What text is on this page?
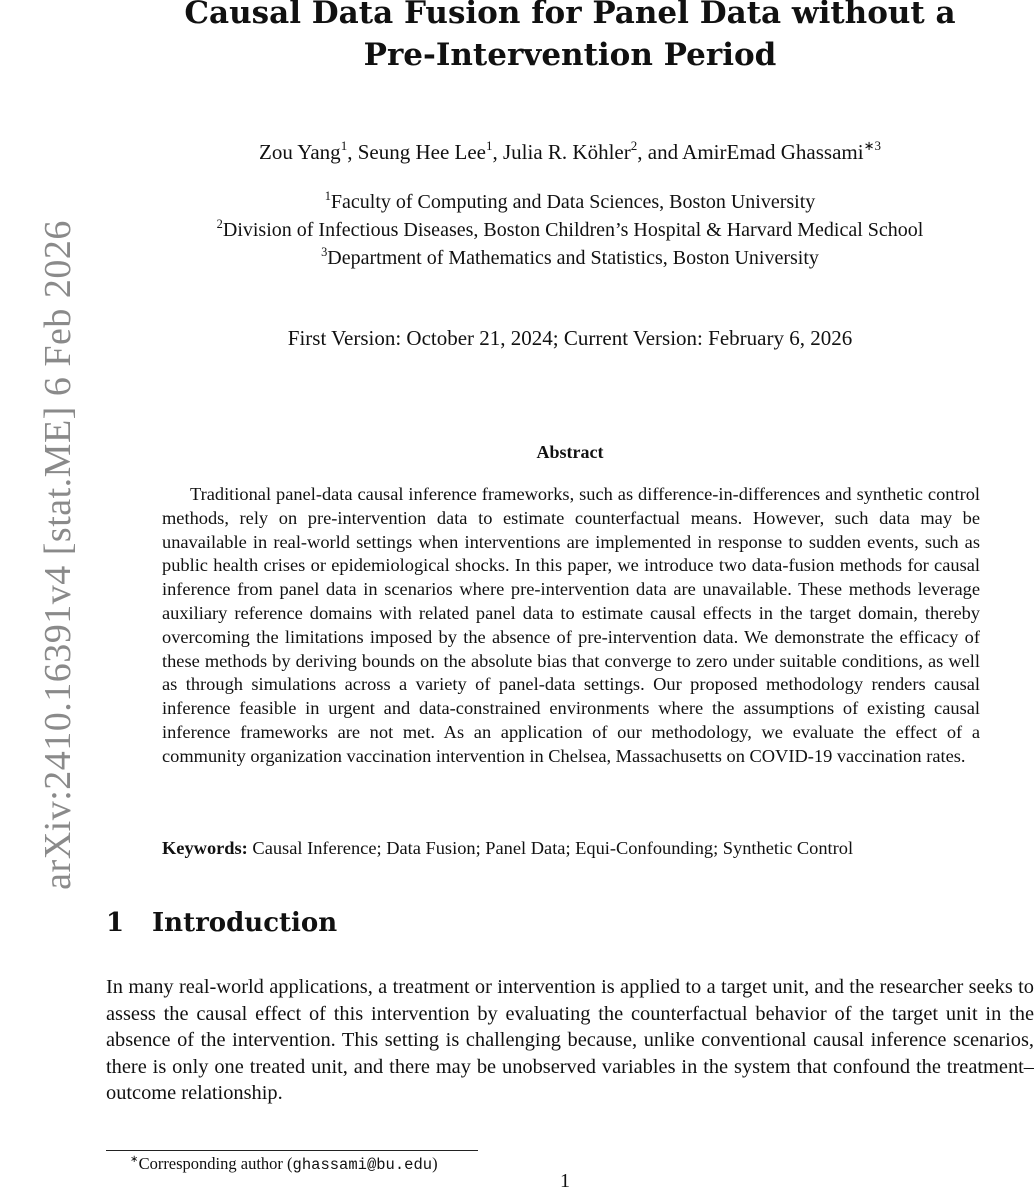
arXiv:2410.16391v4 [stat.ME] 6 Feb 2026
Causal Data Fusion for Panel Data without a Pre-Intervention Period
Zou Yang$^1$, Seung Hee Lee$^1$, Julia R. Köhler$^2$, and AmirEmad Ghassami$^{∗3}$
$^1$Faculty of Computing and Data Sciences, Boston University
$^2$Division of Infectious Diseases, Boston Children’s Hospital & Harvard Medical School
$^3$Department of Mathematics and Statistics, Boston University
First Version: October 21, 2024; Current Version: February 6, 2026
Abstract

Traditional panel-data causal inference frameworks, such as difference-in-differences and synthetic control methods, rely on pre-intervention data to estimate counterfactual means. However, such data may be unavailable in real-world settings when interventions are implemented in response to sudden events, such as public health crises or epidemiological shocks. In this paper, we introduce two data-fusion methods for causal inference from panel data in scenarios where pre-intervention data are unavailable. These methods leverage auxiliary reference domains with related panel data to estimate causal effects in the target domain, thereby overcoming the limitations imposed by the absence of pre-intervention data. We demonstrate the efficacy of these methods by deriving bounds on the absolute bias that converge to zero under suitable conditions, as well as through simulations across a variety of panel-data settings. Our proposed methodology renders causal inference feasible in urgent and data-constrained environments where the assumptions of existing causal inference frameworks are not met. As an application of our methodology, we evaluate the effect of a community organization vaccination intervention in Chelsea, Massachusetts on COVID-19 vaccination rates.

Keywords: Causal Inference; Data Fusion; Panel Data; Equi-Confounding; Synthetic Control
1 Introduction

In many real-world applications, a treatment or intervention is applied to a target unit, and the researcher seeks to assess the causal effect of this intervention by evaluating the counterfactual behavior of the target unit in the absence of the intervention. This setting is challenging because, unlike conventional causal inference scenarios, there is only one treated unit, and there may be unobserved variables in the system that confound the treatment–outcome relationship.

∗Corresponding author (ghassami@bu.edu)
1
